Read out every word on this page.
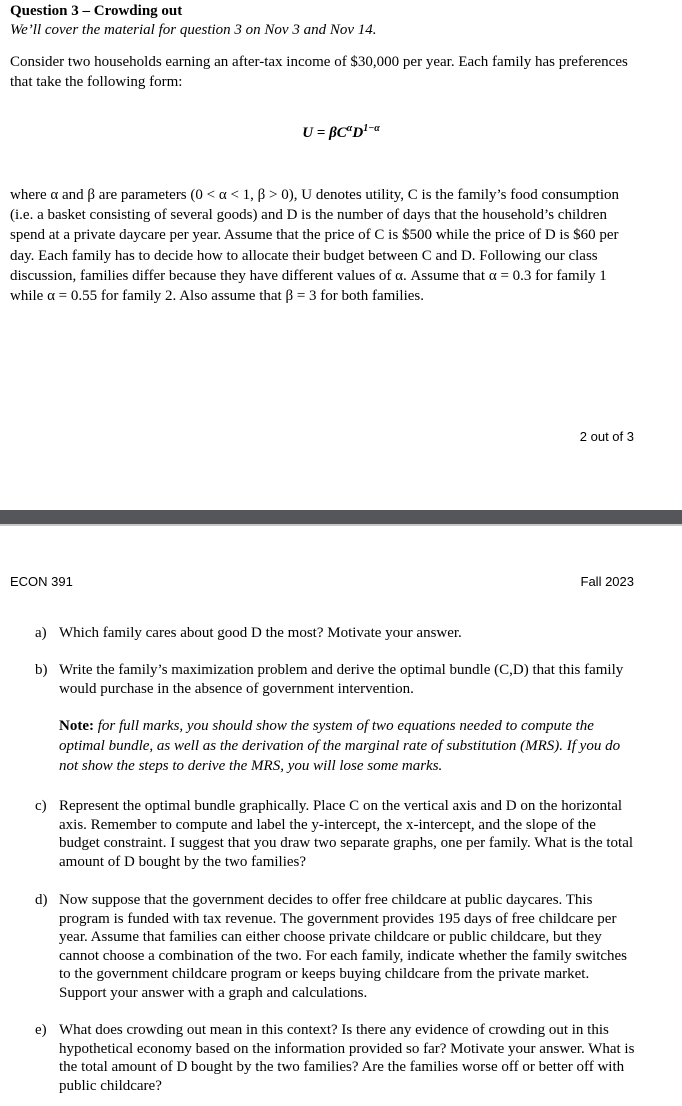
Question 3 – Crowding out
We’ll cover the material for question 3 on Nov 3 and Nov 14.
Consider two households earning an after-tax income of $30,000 per year. Each family has preferences that take the following form:
$U = \beta C^\alpha D^{1-\alpha}$
where α and β are parameters (0 < α < 1, β > 0), U denotes utility, C is the family’s food consumption (i.e. a basket consisting of several goods) and D is the number of days that the household’s children spend at a private daycare per year. Assume that the price of C is $500 while the price of D is $60 per day. Each family has to decide how to allocate their budget between C and D. Following our class discussion, families differ because they have different values of α. Assume that α = 0.3 for family 1 while α = 0.55 for family 2. Also assume that β = 3 for both families.
2 out of 3
ECON 391	Fall 2023
a) Which family cares about good D the most? Motivate your answer.
b) Write the family’s maximization problem and derive the optimal bundle (C,D) that this family would purchase in the absence of government intervention.
Note: for full marks, you should show the system of two equations needed to compute the optimal bundle, as well as the derivation of the marginal rate of substitution (MRS). If you do not show the steps to derive the MRS, you will lose some marks.
c) Represent the optimal bundle graphically. Place C on the vertical axis and D on the horizontal axis. Remember to compute and label the y-intercept, the x-intercept, and the slope of the budget constraint. I suggest that you draw two separate graphs, one per family. What is the total amount of D bought by the two families?
d) Now suppose that the government decides to offer free childcare at public daycares. This program is funded with tax revenue. The government provides 195 days of free childcare per year. Assume that families can either choose private childcare or public childcare, but they cannot choose a combination of the two. For each family, indicate whether the family switches to the government childcare program or keeps buying childcare from the private market. Support your answer with a graph and calculations.
e) What does crowding out mean in this context? Is there any evidence of crowding out in this hypothetical economy based on the information provided so far? Motivate your answer. What is the total amount of D bought by the two families? Are the families worse off or better off with public childcare?
